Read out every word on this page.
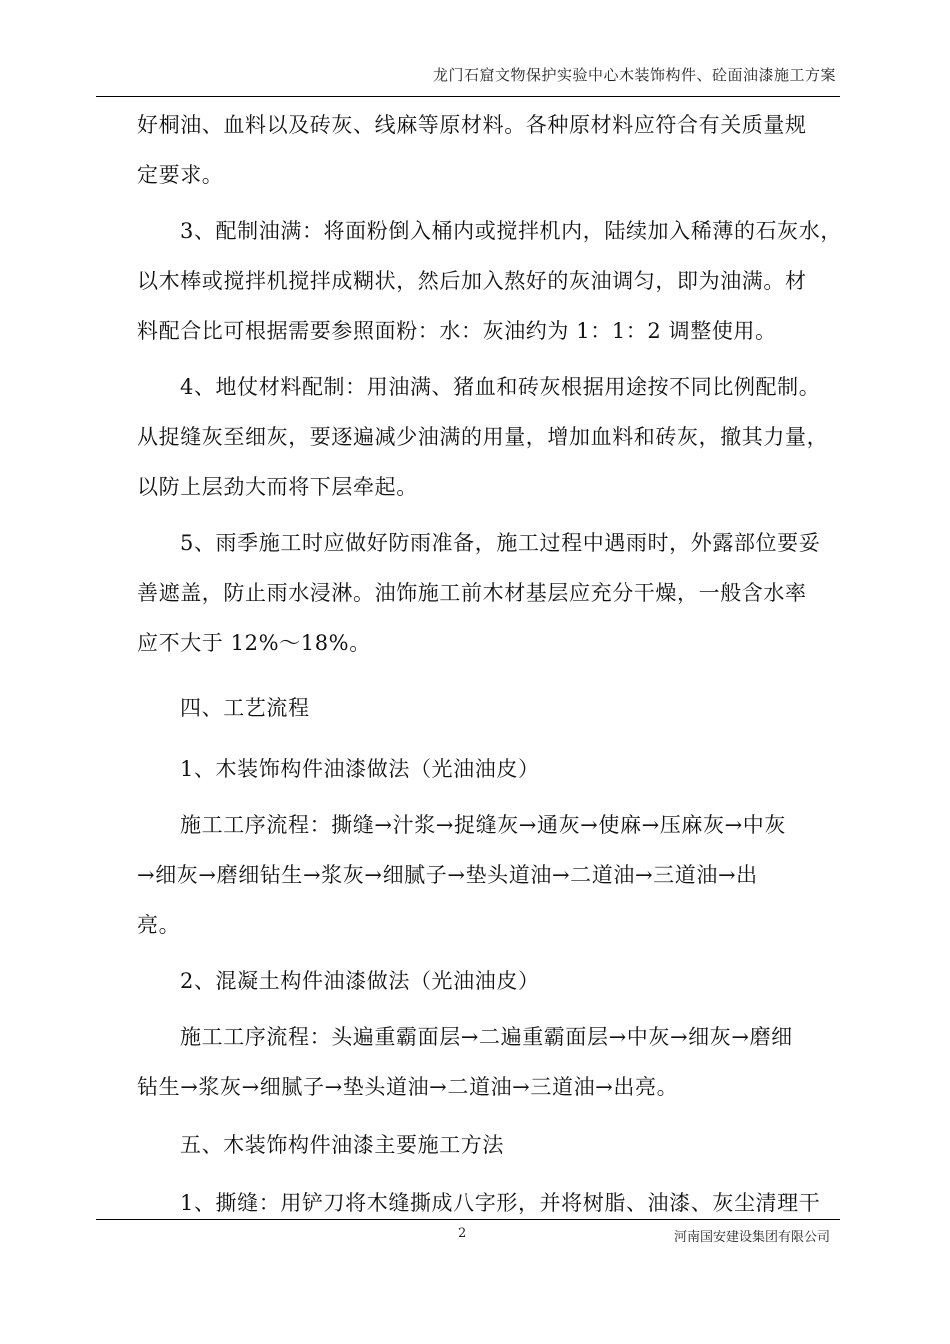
龙门石窟文物保护实验中心木装饰构件、砼面油漆施工方案
好桐油、血料以及砖灰、线麻等原材料。各种原材料应符合有关质量规
定要求。
3、配制油满：将面粉倒入桶内或搅拌机内，陆续加入稀薄的石灰水，
以木棒或搅拌机搅拌成糊状，然后加入熬好的灰油调匀，即为油满。材
料配合比可根据需要参照面粉：水：灰油约为 1：1：2 调整使用。
4、地仗材料配制：用油满、猪血和砖灰根据用途按不同比例配制。
从捉缝灰至细灰，要逐遍减少油满的用量，增加血料和砖灰，撤其力量，
以防上层劲大而将下层牵起。
5、雨季施工时应做好防雨准备，施工过程中遇雨时，外露部位要妥
善遮盖，防止雨水浸淋。油饰施工前木材基层应充分干燥，一般含水率
应不大于 12%～18%。
四、工艺流程
1、木装饰构件油漆做法（光油油皮）
施工工序流程：撕缝→汁浆→捉缝灰→通灰→使麻→压麻灰→中灰
→细灰→磨细钻生→浆灰→细腻子→垫头道油→二道油→三道油→出
亮。
2、混凝土构件油漆做法（光油油皮）
施工工序流程：头遍重霸面层→二遍重霸面层→中灰→细灰→磨细
钻生→浆灰→细腻子→垫头道油→二道油→三道油→出亮。
五、木装饰构件油漆主要施工方法
1、撕缝：用铲刀将木缝撕成八字形，并将树脂、油漆、灰尘清理干
2	河南国安建设集团有限公司
